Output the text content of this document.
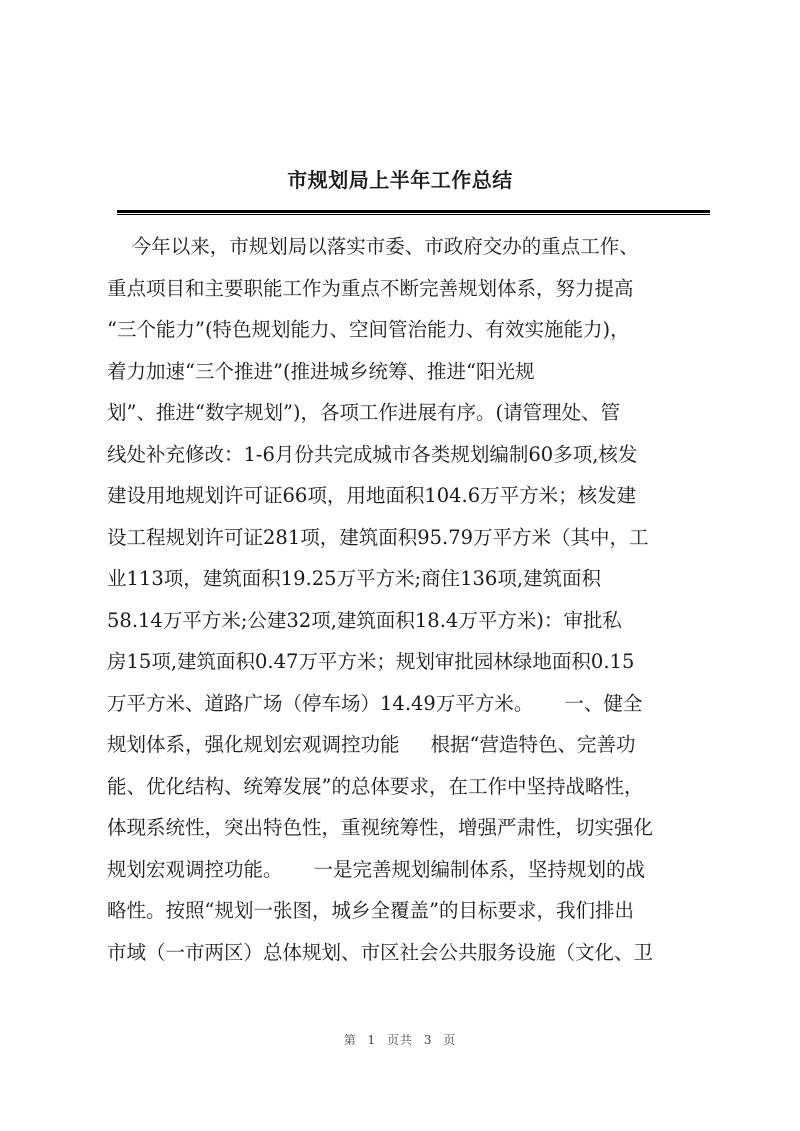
市规划局上半年工作总结
今年以来，市规划局以落实市委、市政府交办的重点工作、
重点项目和主要职能工作为重点不断完善规划体系，努力提高
“三个能力”(特色规划能力、空间管治能力、有效实施能力)，
着力加速“三个推进”(推进城乡统筹、推进“阳光规
划”、推进“数字规划”)，各项工作进展有序。(请管理处、管
线处补充修改：1-6月份共完成城市各类规划编制60多项,核发
建设用地规划许可证66项，用地面积104.6万平方米；核发建
设工程规划许可证281项，建筑面积95.79万平方米（其中，工
业113项，建筑面积19.25万平方米;商住136项,建筑面积
58.14万平方米;公建32项,建筑面积18.4万平方米)：审批私
房15项,建筑面积0.47万平方米；规划审批园林绿地面积0.15
万平方米、道路广场（停车场）14.49万平方米。     一、健全
规划体系，强化规划宏观调控功能     根据“营造特色、完善功
能、优化结构、统筹发展”的总体要求，在工作中坚持战略性，
体现系统性，突出特色性，重视统筹性，增强严肃性，切实强化
规划宏观调控功能。     一是完善规划编制体系，坚持规划的战
略性。按照“规划一张图，城乡全覆盖”的目标要求，我们排出
市域（一市两区）总体规划、市区社会公共服务设施（文化、卫
第 1 页共 3 页
